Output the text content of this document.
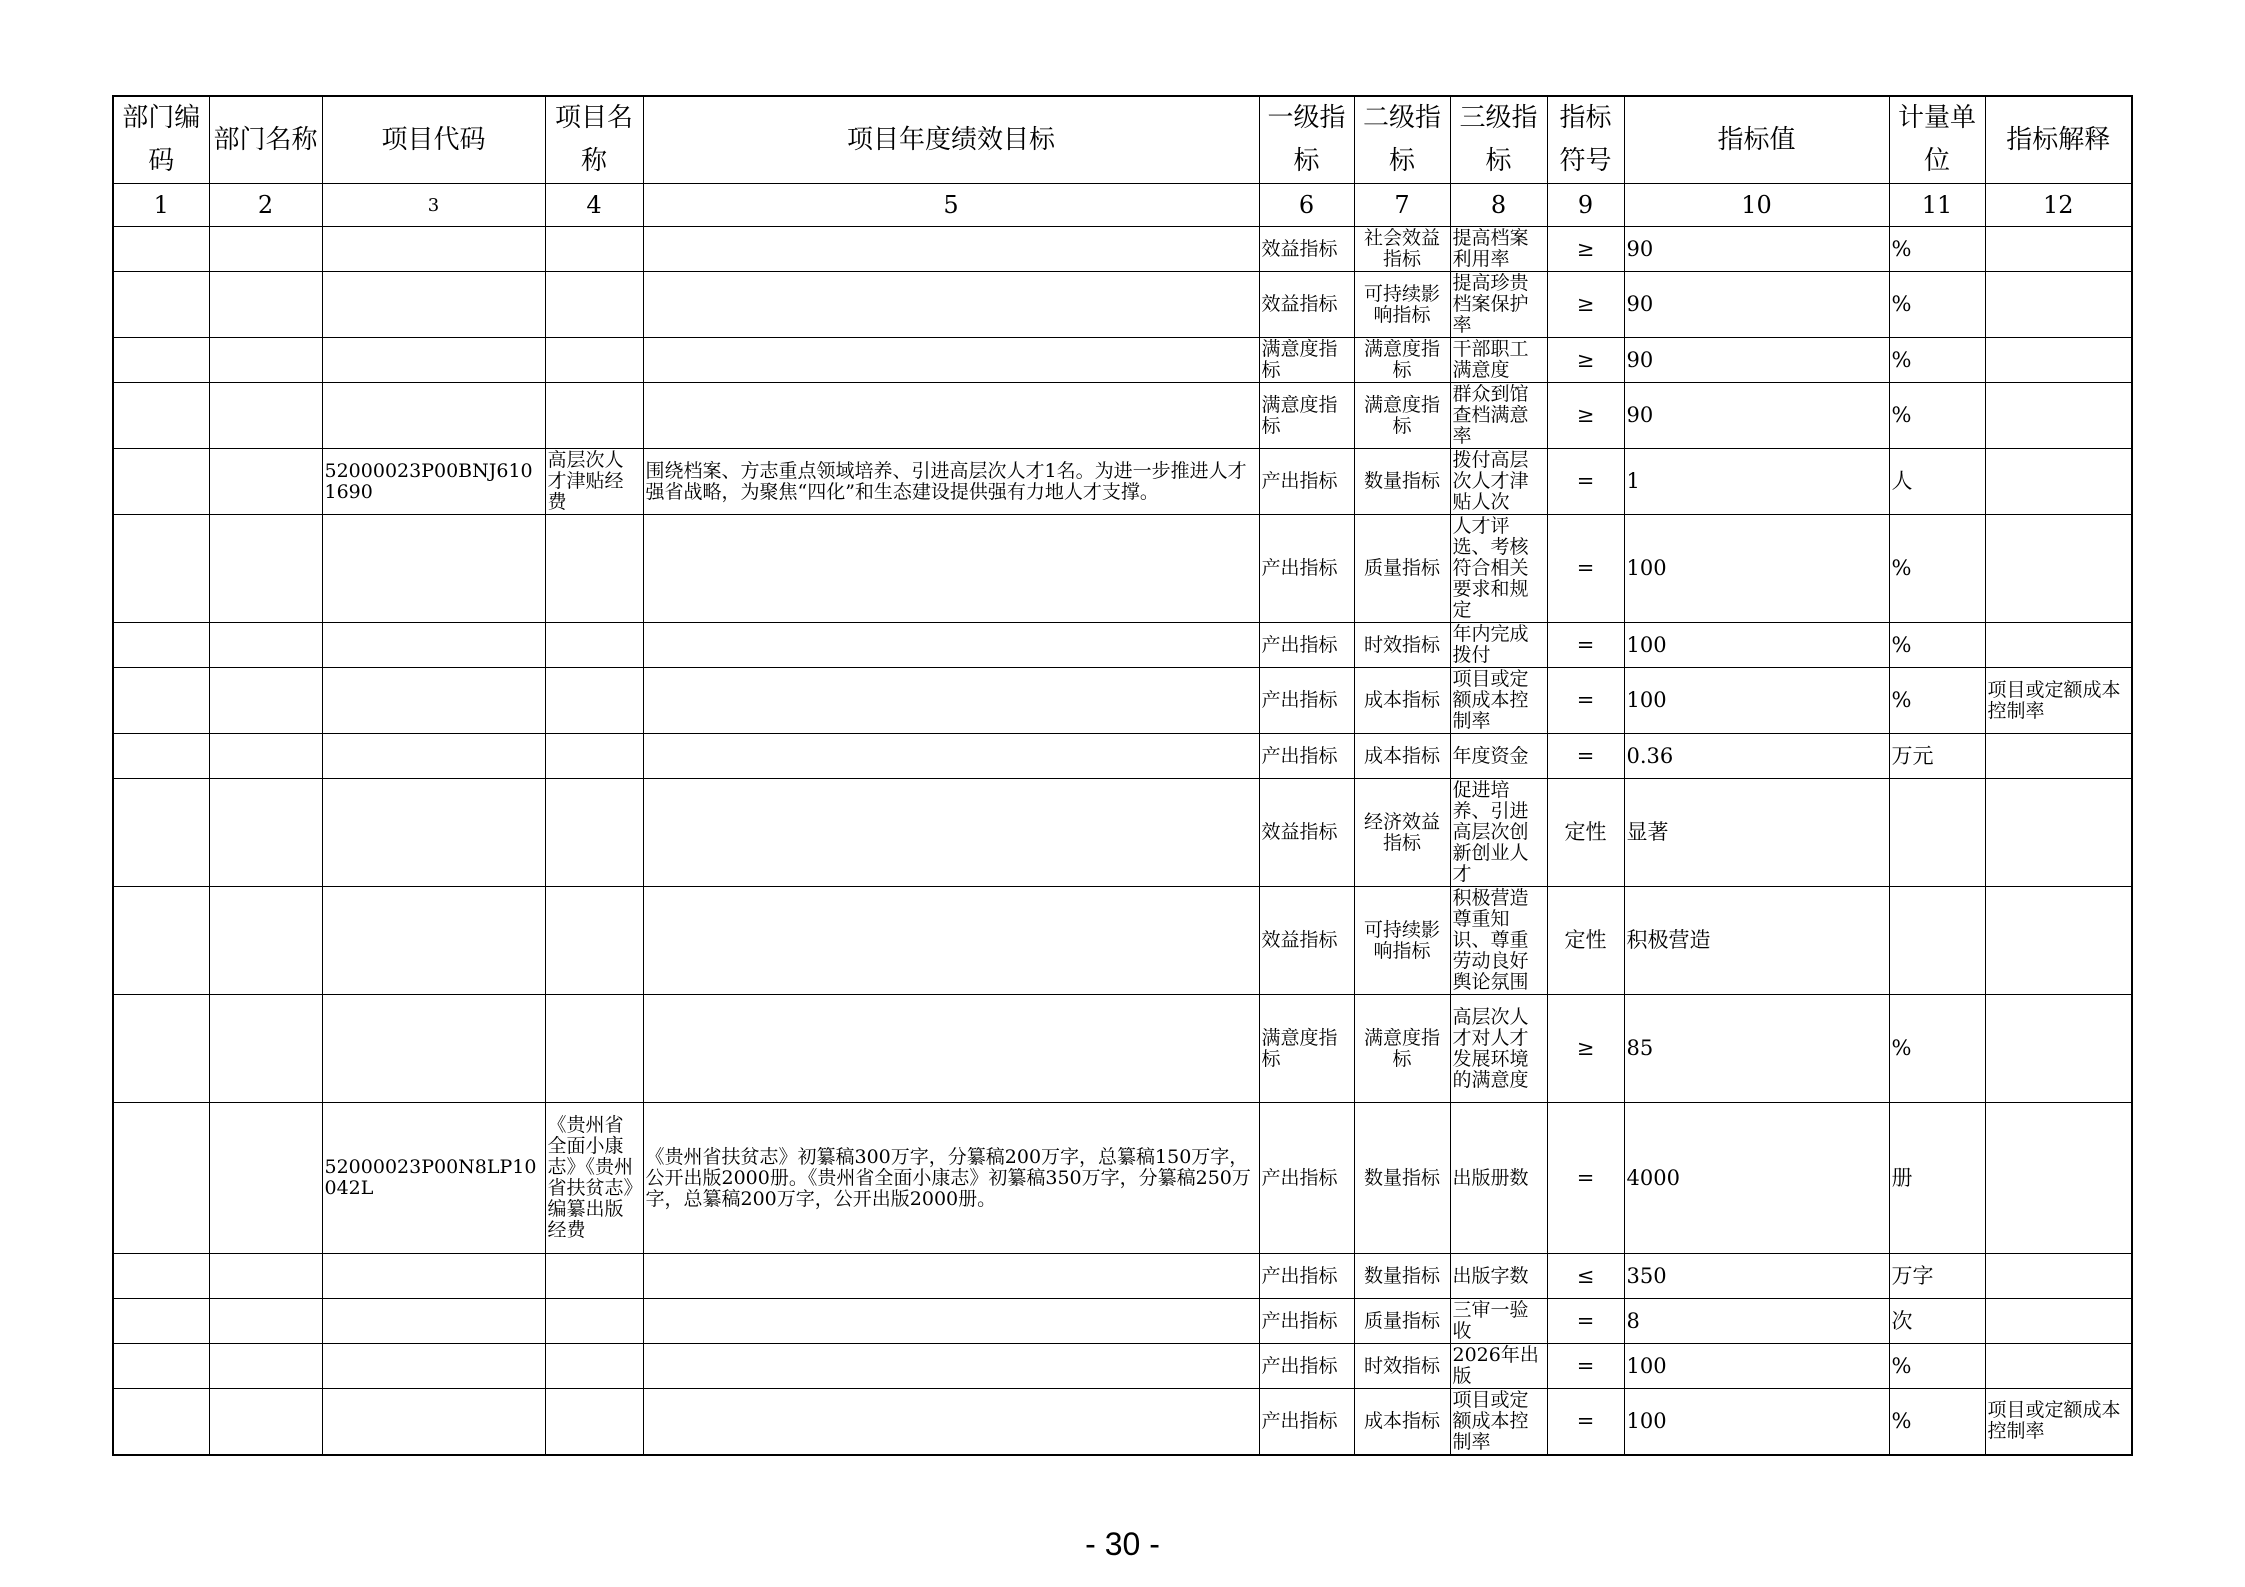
部门编码	部门名称	项目代码	项目名称	项目年度绩效目标	一级指标	二级指标	三级指标	指标符号	指标值	计量单位	指标解释
1	2	3	4	5	6	7	8	9	10	11	12
					效益指标	社会效益指标	提高档案利用率	≥	90	%	
					效益指标	可持续影响指标	提高珍贵档案保护率	≥	90	%	
					满意度指标	满意度指标	干部职工满意度	≥	90	%	
					满意度指标	满意度指标	群众到馆查档满意率	≥	90	%	
		52000023P00BNJ6101690	高层次人才津贴经费	围绕档案、方志重点领域培养、引进高层次人才1名。为进一步推进人才强省战略，为聚焦“四化”和生态建设提供强有力地人才支撑。	产出指标	数量指标	拨付高层次人才津贴人次	=	1	人	
					产出指标	质量指标	人才评选、考核符合相关要求和规定	=	100	%	
					产出指标	时效指标	年内完成拨付	=	100	%	
					产出指标	成本指标	项目或定额成本控制率	=	100	%	项目或定额成本控制率
					产出指标	成本指标	年度资金	=	0.36	万元	
					效益指标	经济效益指标	促进培养、引进高层次创新创业人才	定性	显著		
					效益指标	可持续影响指标	积极营造尊重知识、尊重劳动良好舆论氛围	定性	积极营造		
					满意度指标	满意度指标	高层次人才对人才发展环境的满意度	≥	85	%	
		52000023P00N8LP10042L	《贵州省全面小康志》《贵州省扶贫志》编纂出版经费	《贵州省扶贫志》初纂稿300万字，分纂稿200万字，总纂稿150万字，公开出版2000册。《贵州省全面小康志》初纂稿350万字，分纂稿250万字，总纂稿200万字，公开出版2000册。	产出指标	数量指标	出版册数	=	4000	册	
					产出指标	数量指标	出版字数	≤	350	万字	
					产出指标	质量指标	三审一验收	=	8	次	
					产出指标	时效指标	2026年出版	=	100	%	
					产出指标	成本指标	项目或定额成本控制率	=	100	%	项目或定额成本控制率
- 30 -
